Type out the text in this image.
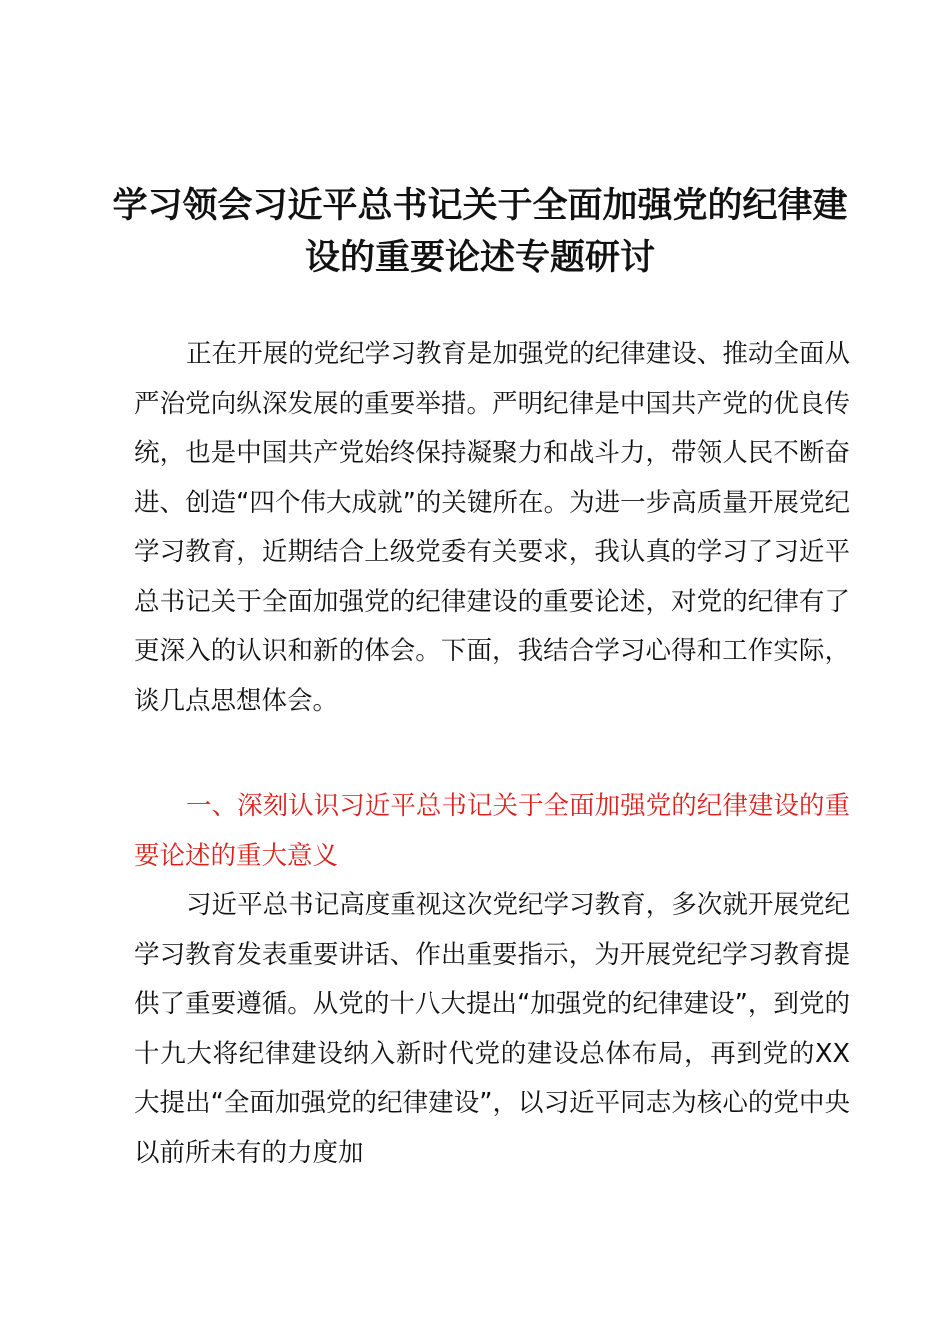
学习领会习近平总书记关于全面加强党的纪律建设的重要论述专题研讨

正在开展的党纪学习教育是加强党的纪律建设、推动全面从严治党向纵深发展的重要举措。严明纪律是中国共产党的优良传统，也是中国共产党始终保持凝聚力和战斗力，带领人民不断奋进、创造“四个伟大成就”的关键所在。为进一步高质量开展党纪学习教育，近期结合上级党委有关要求，我认真的学习了习近平总书记关于全面加强党的纪律建设的重要论述，对党的纪律有了更深入的认识和新的体会。下面，我结合学习心得和工作实际，谈几点思想体会。

一、深刻认识习近平总书记关于全面加强党的纪律建设的重要论述的重大意义

习近平总书记高度重视这次党纪学习教育，多次就开展党纪学习教育发表重要讲话、作出重要指示，为开展党纪学习教育提供了重要遵循。从党的十八大提出“加强党的纪律建设”，到党的十九大将纪律建设纳入新时代党的建设总体布局，再到党的XX大提出“全面加强党的纪律建设”，以习近平同志为核心的党中央以前所未有的力度加
